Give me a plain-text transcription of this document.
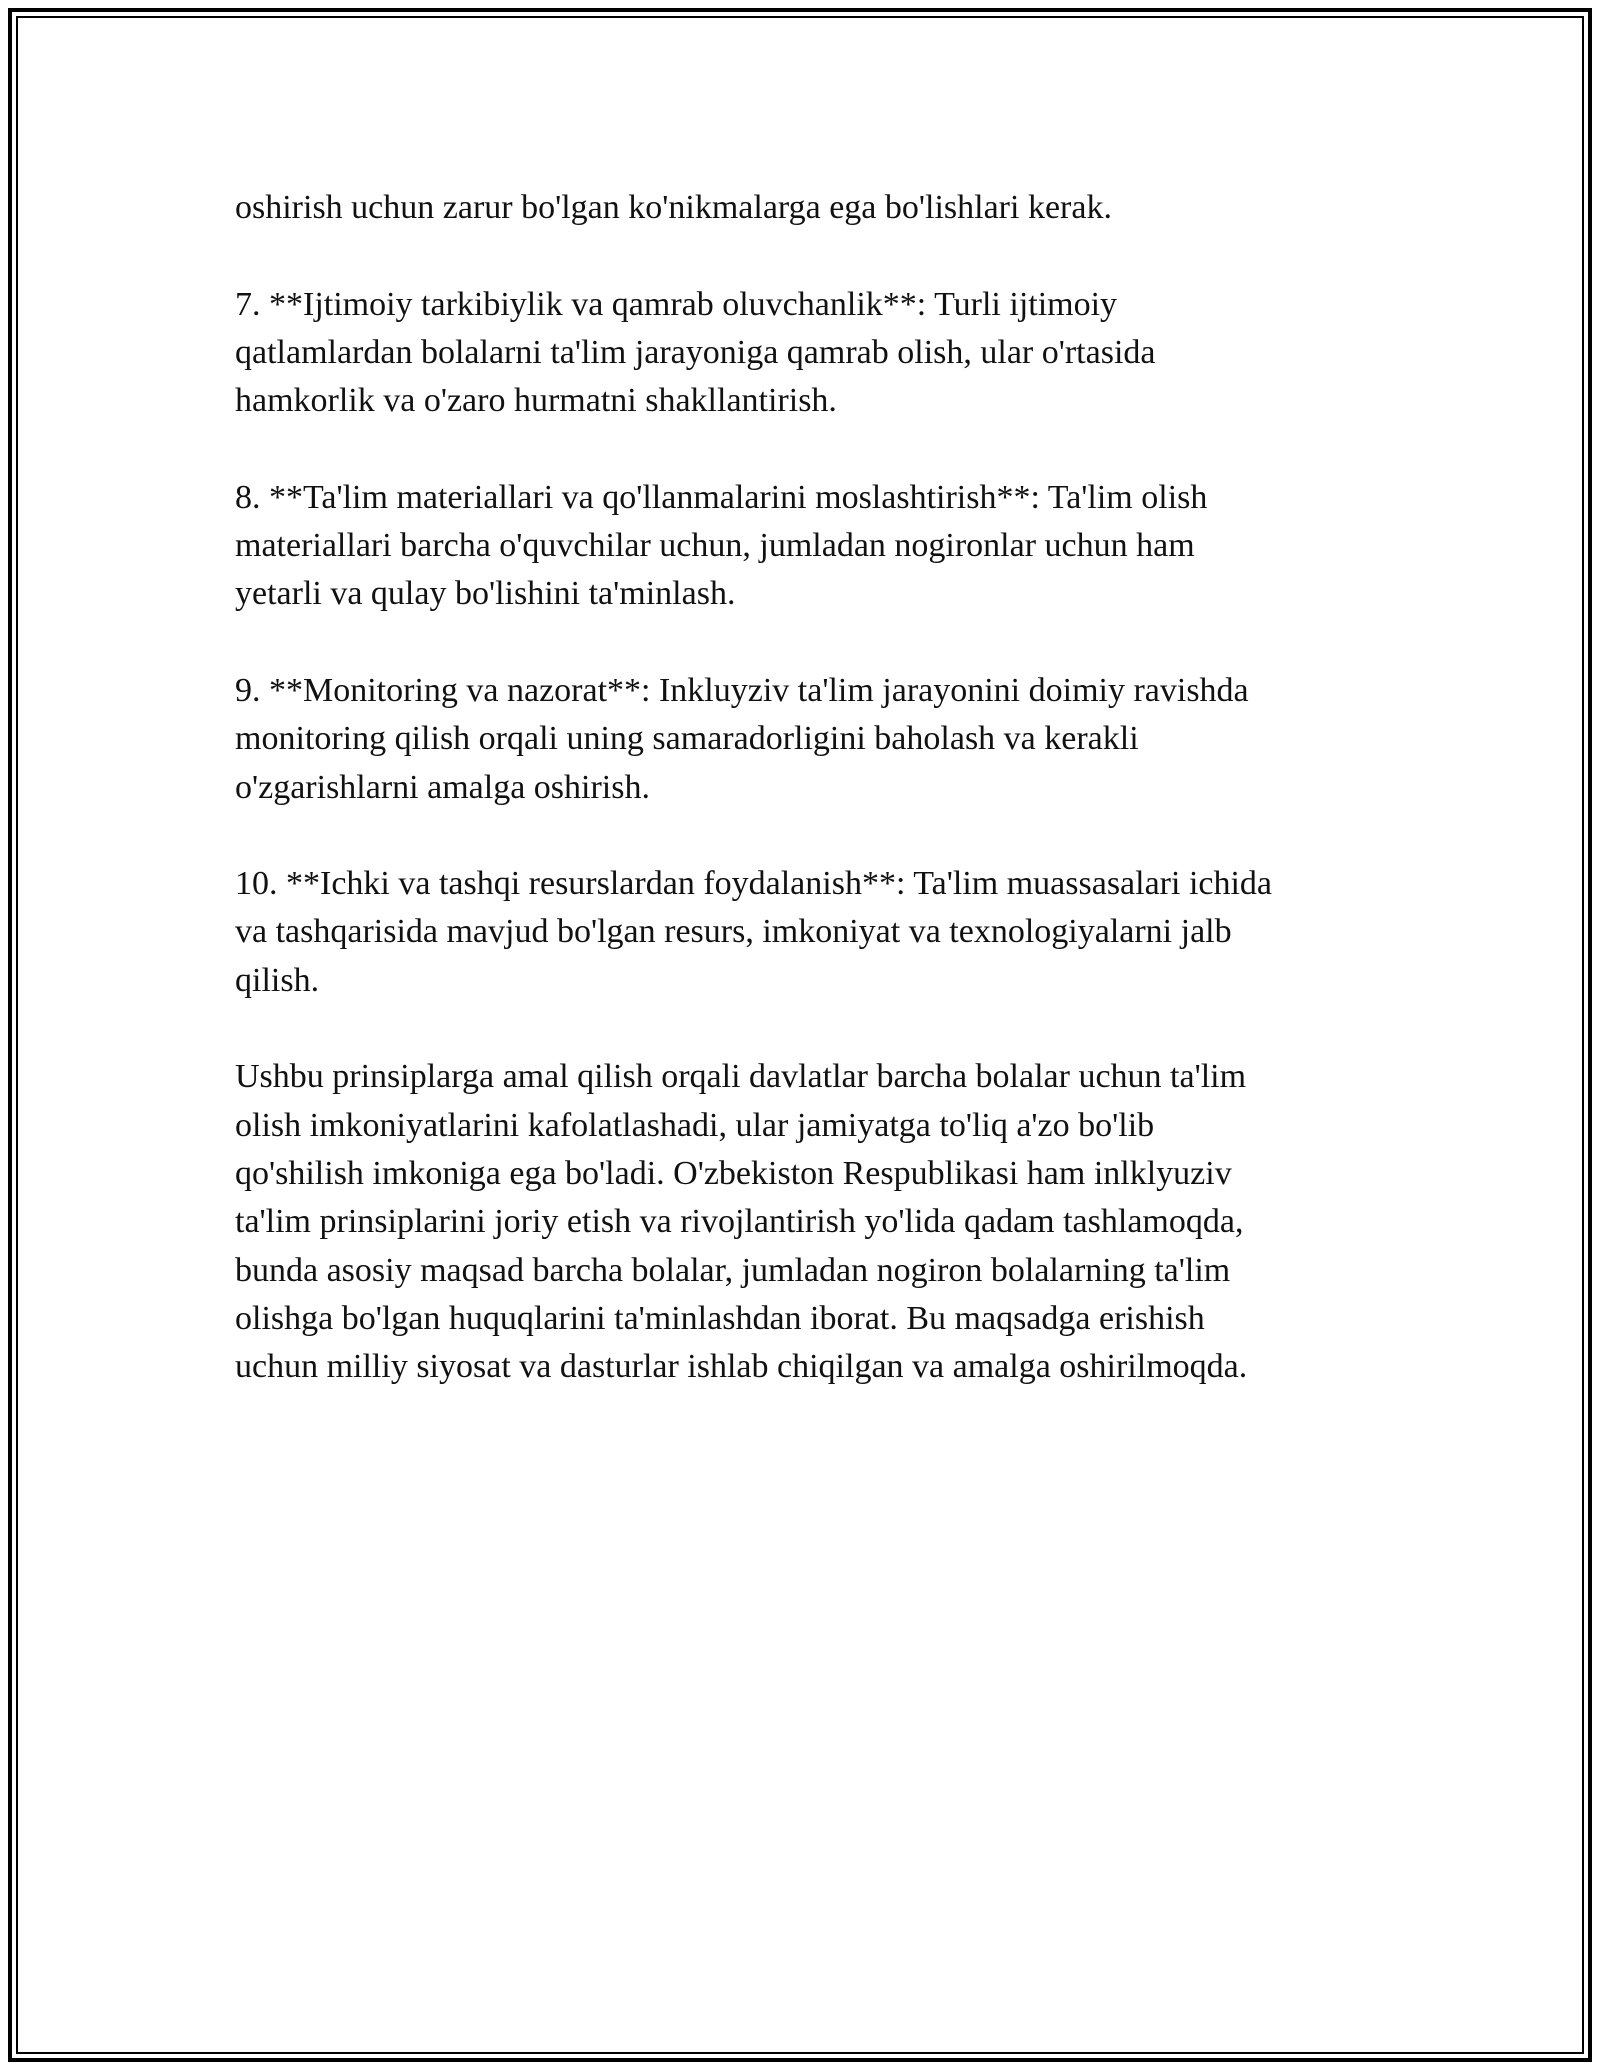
oshirish uchun zarur bo'lgan ko'nikmalarga ega bo'lishlari kerak.

7. **Ijtimoiy tarkibiylik va qamrab oluvchanlik**: Turli ijtimoiy
qatlamlardan bolalarni ta'lim jarayoniga qamrab olish, ular o'rtasida
hamkorlik va o'zaro hurmatni shakllantirish.

8. **Ta'lim materiallari va qo'llanmalarini moslashtirish**: Ta'lim olish
materiallari barcha o'quvchilar uchun, jumladan nogironlar uchun ham
yetarli va qulay bo'lishini ta'minlash.

9. **Monitoring va nazorat**: Inkluyziv ta'lim jarayonini doimiy ravishda
monitoring qilish orqali uning samaradorligini baholash va kerakli
o'zgarishlarni amalga oshirish.

10. **Ichki va tashqi resurslardan foydalanish**: Ta'lim muassasalari ichida
va tashqarisida mavjud bo'lgan resurs, imkoniyat va texnologiyalarni jalb
qilish.

Ushbu prinsiplarga amal qilish orqali davlatlar barcha bolalar uchun ta'lim
olish imkoniyatlarini kafolatlashadi, ular jamiyatga to'liq a'zo bo'lib
qo'shilish imkoniga ega bo'ladi. O'zbekiston Respublikasi ham inlklyuziv
ta'lim prinsiplarini joriy etish va rivojlantirish yo'lida qadam tashlamoqda,
bunda asosiy maqsad barcha bolalar, jumladan nogiron bolalarning ta'lim
olishga bo'lgan huquqlarini ta'minlashdan iborat. Bu maqsadga erishish
uchun milliy siyosat va dasturlar ishlab chiqilgan va amalga oshirilmoqda.
